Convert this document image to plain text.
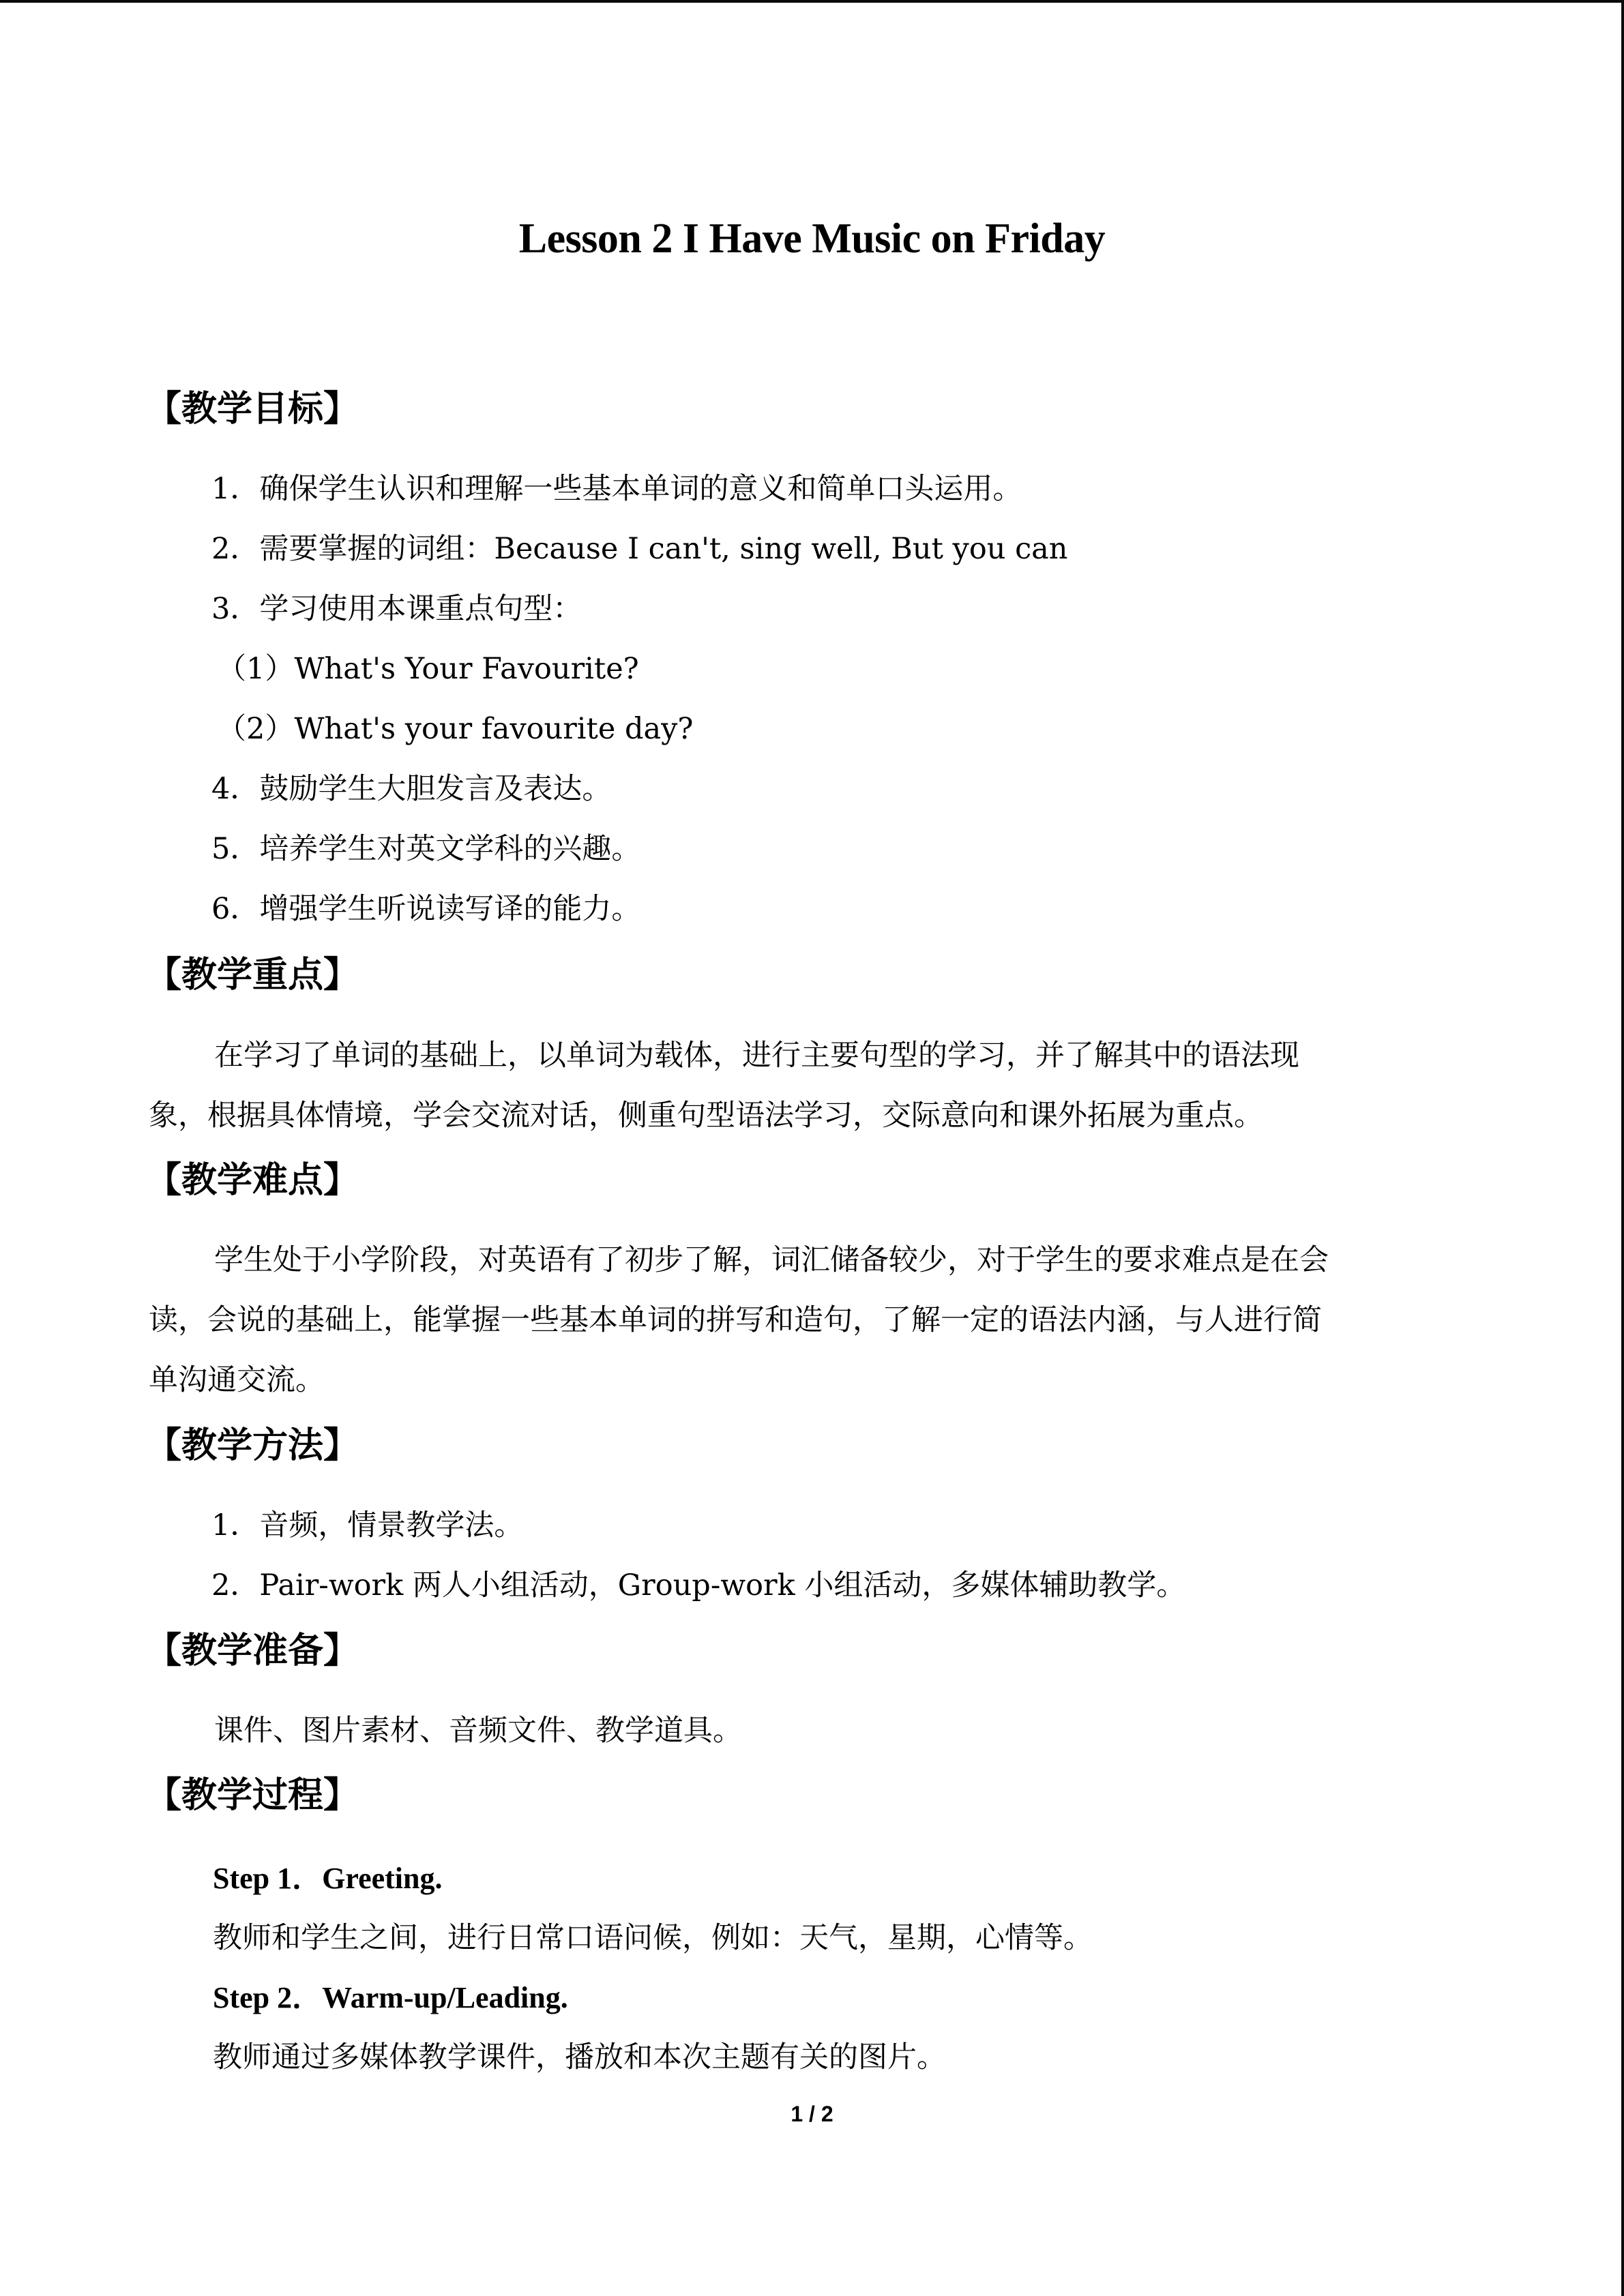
Lesson 2 I Have Music on Friday
【教学目标】
1．确保学生认识和理解一些基本单词的意义和简单口头运用。
2．需要掌握的词组：Because I can't, sing well, But you can
3．学习使用本课重点句型：
（1）What's Your Favourite?
（2）What's your favourite day?
4．鼓励学生大胆发言及表达。
5．培养学生对英文学科的兴趣。
6．增强学生听说读写译的能力。
【教学重点】
在学习了单词的基础上，以单词为载体，进行主要句型的学习，并了解其中的语法现
象，根据具体情境，学会交流对话，侧重句型语法学习，交际意向和课外拓展为重点。
【教学难点】
学生处于小学阶段，对英语有了初步了解，词汇储备较少，对于学生的要求难点是在会
读，会说的基础上，能掌握一些基本单词的拼写和造句，了解一定的语法内涵，与人进行简
单沟通交流。
【教学方法】
1．音频，情景教学法。
2．Pair-work 两人小组活动，Group-work 小组活动，多媒体辅助教学。
【教学准备】
课件、图片素材、音频文件、教学道具。
【教学过程】
Step 1．Greeting.
教师和学生之间，进行日常口语问候，例如：天气，星期，心情等。
Step 2．Warm-up/Leading.
教师通过多媒体教学课件，播放和本次主题有关的图片。
1 / 2
